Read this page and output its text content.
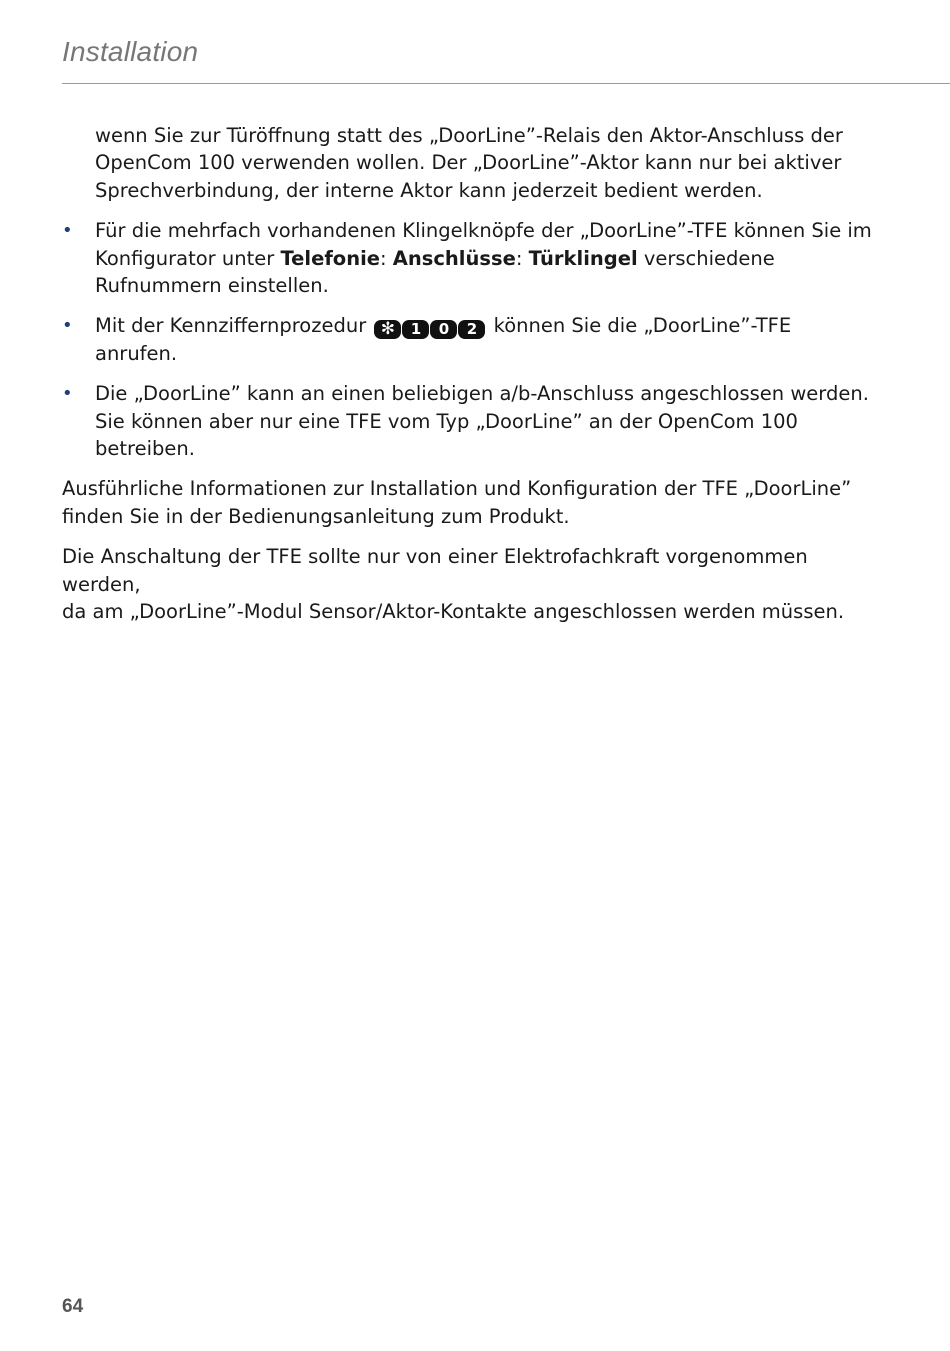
Installation

wenn Sie zur Türöffnung statt des „DoorLine”-Relais den Aktor-Anschluss der
OpenCom 100 verwenden wollen. Der „DoorLine”-Aktor kann nur bei aktiver
Sprechverbindung, der interne Aktor kann jederzeit bedient werden.

• Für die mehrfach vorhandenen Klingelknöpfe der „DoorLine”-TFE können Sie im Konfigurator unter Telefonie: Anschlüsse: Türklingel verschiedene Rufnummern einstellen.
• Mit der Kennziffernprozedur ✻	1	0	2 können Sie die „DoorLine”-TFE anrufen.
• Die „DoorLine” kann an einen beliebigen a/b-Anschluss angeschlossen werden.
Sie können aber nur eine TFE vom Typ „DoorLine” an der OpenCom 100 betreiben.

Ausführliche Informationen zur Installation und Konfiguration der TFE „DoorLine”
finden Sie in der Bedienungsanleitung zum Produkt.

Die Anschaltung der TFE sollte nur von einer Elektrofachkraft vorgenommen werden,
da am „DoorLine”-Modul Sensor/Aktor-Kontakte angeschlossen werden müssen.

64
